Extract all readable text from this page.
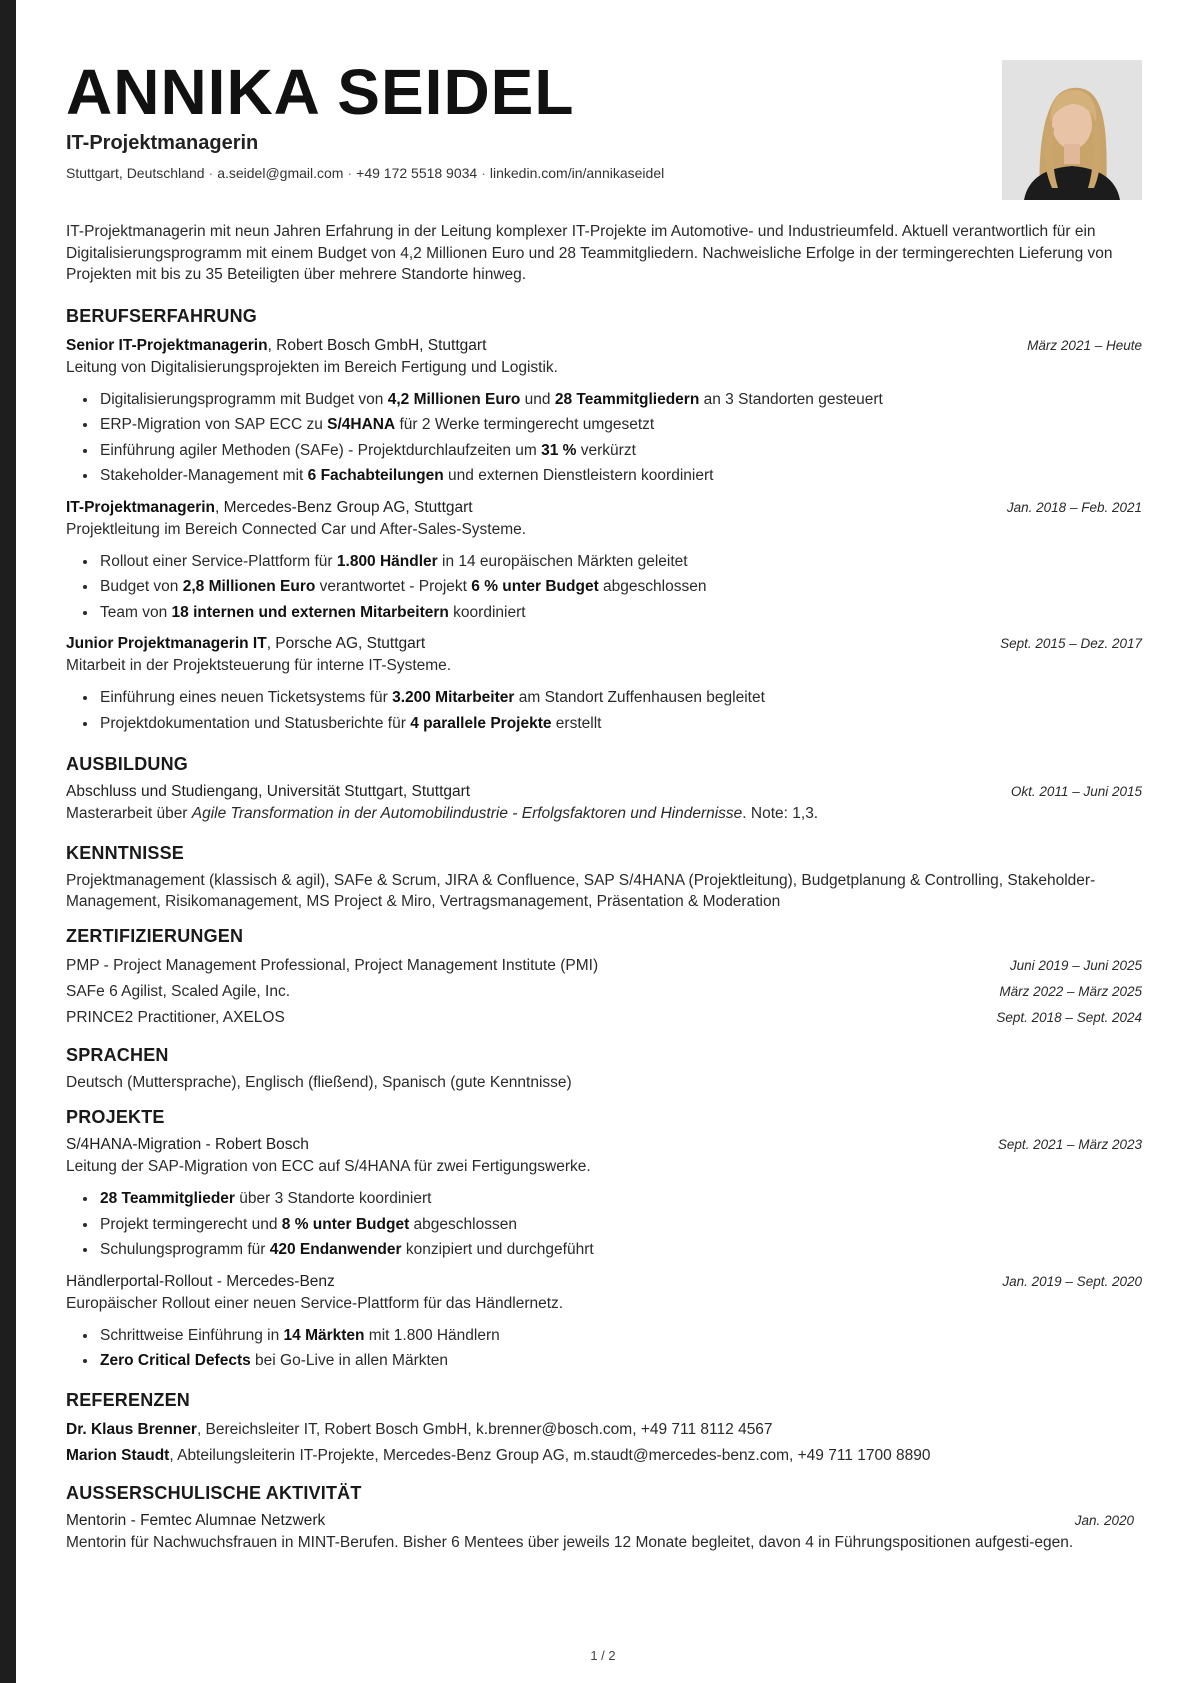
ANNIKA SEIDEL
IT-Projektmanagerin
Stuttgart, Deutschland · a.seidel@gmail.com · +49 172 5518 9034 · linkedin.com/in/annikaseidel
IT-Projektmanagerin mit neun Jahren Erfahrung in der Leitung komplexer IT-Projekte im Automotive- und Industrieumfeld. Aktuell verantwortlich für ein Digitalisierungsprogramm mit einem Budget von 4,2 Millionen Euro und 28 Teammitgliedern. Nachweisliche Erfolge in der termingerechten Lieferung von Projekten mit bis zu 35 Beteiligten über mehrere Standorte hinweg.
BERUFSERFAHRUNG
Senior IT-Projektmanagerin, Robert Bosch GmbH, Stuttgart	März 2021 – Heute
Leitung von Digitalisierungsprojekten im Bereich Fertigung und Logistik.
• Digitalisierungsprogramm mit Budget von 4,2 Millionen Euro und 28 Teammitgliedern an 3 Standorten gesteuert
• ERP-Migration von SAP ECC zu S/4HANA für 2 Werke termingerecht umgesetzt
• Einführung agiler Methoden (SAFe) - Projektdurchlaufzeiten um 31 % verkürzt
• Stakeholder-Management mit 6 Fachabteilungen und externen Dienstleistern koordiniert
IT-Projektmanagerin, Mercedes-Benz Group AG, Stuttgart	Jan. 2018 – Feb. 2021
Projektleitung im Bereich Connected Car und After-Sales-Systeme.
• Rollout einer Service-Plattform für 1.800 Händler in 14 europäischen Märkten geleitet
• Budget von 2,8 Millionen Euro verantwortet - Projekt 6 % unter Budget abgeschlossen
• Team von 18 internen und externen Mitarbeitern koordiniert
Junior Projektmanagerin IT, Porsche AG, Stuttgart	Sept. 2015 – Dez. 2017
Mitarbeit in der Projektsteuerung für interne IT-Systeme.
• Einführung eines neuen Ticketsystems für 3.200 Mitarbeiter am Standort Zuffenhausen begleitet
• Projektdokumentation und Statusberichte für 4 parallele Projekte erstellt
AUSBILDUNG
Abschluss und Studiengang, Universität Stuttgart, Stuttgart	Okt. 2011 – Juni 2015
Masterarbeit über Agile Transformation in der Automobilindustrie - Erfolgsfaktoren und Hindernisse. Note: 1,3.
KENNTNISSE
Projektmanagement (klassisch & agil), SAFe & Scrum, JIRA & Confluence, SAP S/4HANA (Projektleitung), Budgetplanung & Controlling, Stakeholder-Management, Risikomanagement, MS Project & Miro, Vertragsmanagement, Präsentation & Moderation
ZERTIFIZIERUNGEN
PMP - Project Management Professional, Project Management Institute (PMI)	Juni 2019 – Juni 2025
SAFe 6 Agilist, Scaled Agile, Inc.	März 2022 – März 2025
PRINCE2 Practitioner, AXELOS	Sept. 2018 – Sept. 2024
SPRACHEN
Deutsch (Muttersprache), Englisch (fließend), Spanisch (gute Kenntnisse)
PROJEKTE
S/4HANA-Migration - Robert Bosch	Sept. 2021 – März 2023
Leitung der SAP-Migration von ECC auf S/4HANA für zwei Fertigungswerke.
• 28 Teammitglieder über 3 Standorte koordiniert
• Projekt termingerecht und 8 % unter Budget abgeschlossen
• Schulungsprogramm für 420 Endanwender konzipiert und durchgeführt
Händlerportal-Rollout - Mercedes-Benz	Jan. 2019 – Sept. 2020
Europäischer Rollout einer neuen Service-Plattform für das Händlernetz.
• Schrittweise Einführung in 14 Märkten mit 1.800 Händlern
• Zero Critical Defects bei Go-Live in allen Märkten
REFERENZEN
Dr. Klaus Brenner, Bereichsleiter IT, Robert Bosch GmbH, k.brenner@bosch.com, +49 711 8112 4567
Marion Staudt, Abteilungsleiterin IT-Projekte, Mercedes-Benz Group AG, m.staudt@mercedes-benz.com, +49 711 1700 8890
AUSSERSCHULISCHE AKTIVITÄT
Mentorin - Femtec Alumnae Netzwerk	Jan. 2020
Mentorin für Nachwuchsfrauen in MINT-Berufen. Bisher 6 Mentees über jeweils 12 Monate begleitet, davon 4 in Führungspositionen aufgesti-egen.
1 / 2
